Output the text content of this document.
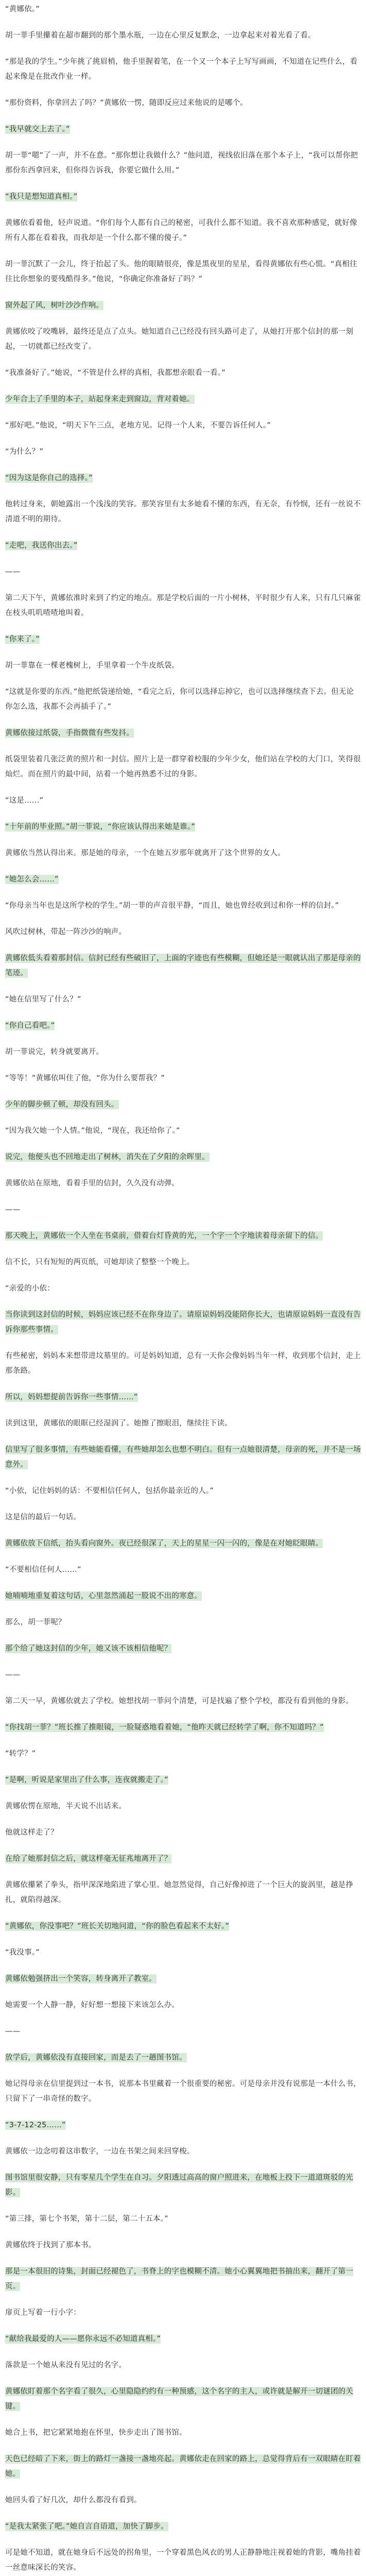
“黄娜依。”

胡一菲手里攥着在超市翻到的那个墨水瓶，一边在心里反复默念，一边拿起来对着光看了看。

“那是我的学生。”少年挑了挑眉梢，他手里握着笔，在一个又一个本子上写写画画，不知道在记些什么，看起来像是在批改作业一样。

“那份资料，你拿回去了吗？”黄娜依一愣，随即反应过来他说的是哪个。

“我早就交上去了。”

胡一菲“嗯”了一声，并不在意。“那你想让我做什么？”他问道，视线依旧落在那个本子上，“我可以帮你把那份东西拿回来，但你得告诉我，你要它做什么用。”

“我只是想知道真相。”

黄娜依看着他，轻声说道。“你们每个人都有自己的秘密，可我什么都不知道。我不喜欢那种感觉，就好像所有人都在看着我，而我却是一个什么都不懂的傻子。”

胡一菲沉默了一会儿，终于抬起了头。他的眼睛很亮，像是黑夜里的星星，看得黄娜依有些心慌。“真相往往比你想象的要残酷得多。”他说，“你确定你准备好了吗？”

窗外起了风，树叶沙沙作响。

黄娜依咬了咬嘴唇，最终还是点了点头。她知道自己已经没有回头路可走了，从她打开那个信封的那一刻起，一切就都已经改变了。

“我准备好了。”她说，“不管是什么样的真相，我都想亲眼看一看。”

少年合上了手里的本子，站起身来走到窗边，背对着她。

“那好吧。”他说，“明天下午三点，老地方见。记得一个人来，不要告诉任何人。”

“为什么？”

“因为这是你自己的选择。”

他转过身来，朝她露出一个浅浅的笑容。那笑容里有太多她看不懂的东西，有无奈，有怜悯，还有一丝说不清道不明的期待。

“走吧，我送你出去。”

——

第二天下午，黄娜依准时来到了约定的地点。那是学校后面的一片小树林，平时很少有人来，只有几只麻雀在枝头叽叽喳喳地叫着。

“你来了。”

胡一菲靠在一棵老槐树上，手里拿着一个牛皮纸袋。

“这就是你要的东西。”他把纸袋递给她，“看完之后，你可以选择忘掉它，也可以选择继续查下去。但无论你怎么选，我都不会再插手了。”

黄娜依接过纸袋，手指微微有些发抖。

纸袋里装着几张泛黄的照片和一封信。照片上是一群穿着校服的少年少女，他们站在学校的大门口，笑得很灿烂。而在照片的最中间，站着一个她再熟悉不过的身影。

“这是……”

“十年前的毕业照。”胡一菲说，“你应该认得出来她是谁。”

黄娜依当然认得出来。那是她的母亲，一个在她五岁那年就离开了这个世界的女人。

“她怎么会……”

“你母亲当年也是这所学校的学生。”胡一菲的声音很平静，“而且，她也曾经收到过和你一样的信封。”

风吹过树林，带起一阵沙沙的响声。

黄娜依低头看着那封信。信封已经有些破旧了，上面的字迹也有些模糊，但她还是一眼就认出了那是母亲的笔迹。

“她在信里写了什么？”

“你自己看吧。”

胡一菲说完，转身就要离开。

“等等！”黄娜依叫住了他，“你为什么要帮我？”

少年的脚步顿了顿，却没有回头。

“因为我欠她一个人情。”他说，“现在，我还给你了。”

说完，他便头也不回地走出了树林，消失在了夕阳的余晖里。

黄娜依站在原地，看着手里的信封，久久没有动弹。

——

那天晚上，黄娜依一个人坐在书桌前，借着台灯昏黄的光，一个字一个字地读着母亲留下的信。

信不长，只有短短的两页纸，可她却读了整整一个晚上。

“亲爱的小依：

当你读到这封信的时候，妈妈应该已经不在你身边了。请原谅妈妈没能陪你长大，也请原谅妈妈一直没有告诉你那些事情。

有些秘密，妈妈本来想带进坟墓里的。可是妈妈知道，总有一天你会像妈妈当年一样，收到那个信封，走上那条路。

所以，妈妈想提前告诉你一些事情……”

读到这里，黄娜依的眼眶已经湿润了。她擦了擦眼泪，继续往下读。

信里写了很多事情，有些她能看懂，有些她却怎么也想不明白。但有一点她很清楚，母亲的死，并不是一场意外。

“小依，记住妈妈的话：不要相信任何人，包括你最亲近的人。”

这是信的最后一句话。

黄娜依放下信纸，抬头看向窗外。夜已经很深了，天上的星星一闪一闪的，像是在对她眨眼睛。

“不要相信任何人……”

她喃喃地重复着这句话，心里忽然涌起一股说不出的寒意。

那么，胡一菲呢？

那个给了她这封信的少年，她又该不该相信他呢？

——

第二天一早，黄娜依就去了学校。她想找胡一菲问个清楚，可是找遍了整个学校，都没有看到他的身影。

“你找胡一菲？”班长推了推眼镜，一脸疑惑地看着她，“他昨天就已经转学了啊，你不知道吗？”

“转学？”

“是啊，听说是家里出了什么事，连夜就搬走了。”

黄娜依愣在原地，半天说不出话来。

他就这样走了？

在给了她那封信之后，就这样毫无征兆地离开了？

黄娜依攥紧了拳头，指甲深深地陷进了掌心里。她忽然觉得，自己好像掉进了一个巨大的旋涡里，越是挣扎，就陷得越深。

“黄娜依，你没事吧？”班长关切地问道，“你的脸色看起来不太好。”

“我没事。”

黄娜依勉强挤出一个笑容，转身离开了教室。

她需要一个人静一静，好好想一想接下来该怎么办。

——

放学后，黄娜依没有直接回家，而是去了一趟图书馆。

她记得母亲在信里提到过一本书，说那本书里藏着一个很重要的秘密。可是母亲并没有说那是一本什么书，只留下了一串奇怪的数字。

“3-7-12-25……”

黄娜依一边念叨着这串数字，一边在书架之间来回穿梭。

图书馆里很安静，只有零星几个学生在自习。夕阳透过高高的窗户照进来，在地板上投下一道道斑驳的光影。

“第三排，第七个书架，第十二层，第二十五本。”

黄娜依终于找到了那本书。

那是一本很旧的诗集，封面已经褪色了，书脊上的字也模糊不清。她小心翼翼地把书抽出来，翻开了第一页。

扉页上写着一行小字：

“献给我最爱的人——愿你永远不必知道真相。”

落款是一个她从来没有见过的名字。

黄娜依盯着那个名字看了很久，心里隐隐约约有一种预感，这个名字的主人，或许就是解开一切谜团的关键。

她合上书，把它紧紧地抱在怀里，快步走出了图书馆。

天色已经暗了下来，街上的路灯一盏接一盏地亮起。黄娜依走在回家的路上，总觉得背后有一双眼睛在盯着她。

她回头看了好几次，却什么都没有看到。

“是我太紧张了吧。”她自言自语道，加快了脚步。

可是她不知道，就在她身后不远处的拐角里，一个穿着黑色风衣的男人正静静地注视着她的背影，嘴角挂着一丝意味深长的笑容。
